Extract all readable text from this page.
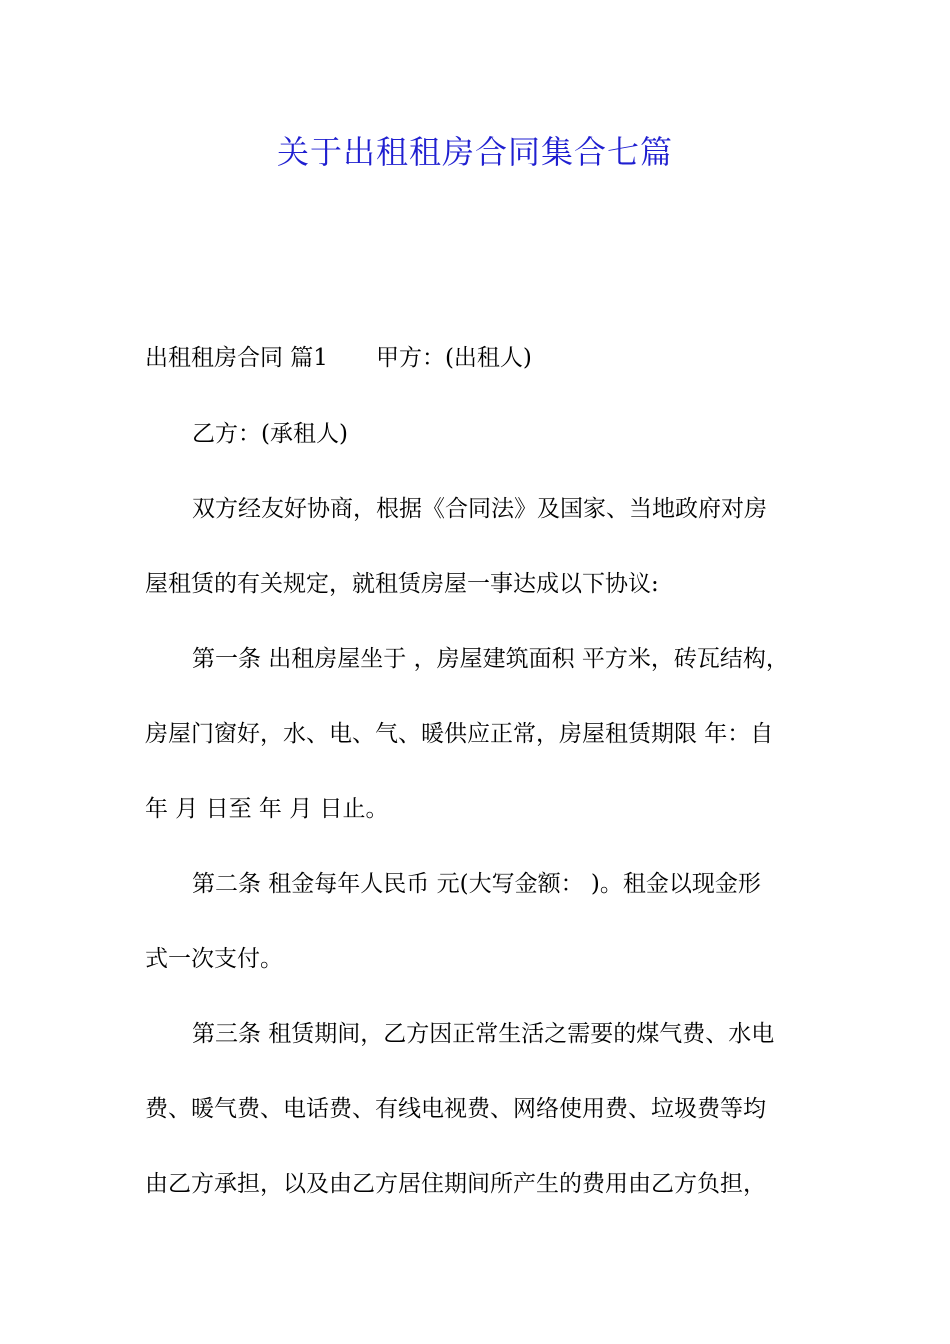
关于出租租房合同集合七篇
出租租房合同 篇1 甲方：(出租人)
乙方：(承租人)
双方经友好协商，根据《合同法》及国家、当地政府对房
屋租赁的有关规定，就租赁房屋一事达成以下协议:
第一条 出租房屋坐于 ，房屋建筑面积 平方米，砖瓦结构，
房屋门窗好，水、电、气、暖供应正常，房屋租赁期限 年：自
年 月 日至 年 月 日止。
第二条 租金每年人民币 元(大写金额： )。租金以现金形
式一次支付。
第三条 租赁期间，乙方因正常生活之需要的煤气费、水电
费、暖气费、电话费、有线电视费、网络使用费、垃圾费等均
由乙方承担，以及由乙方居住期间所产生的费用由乙方负担，
